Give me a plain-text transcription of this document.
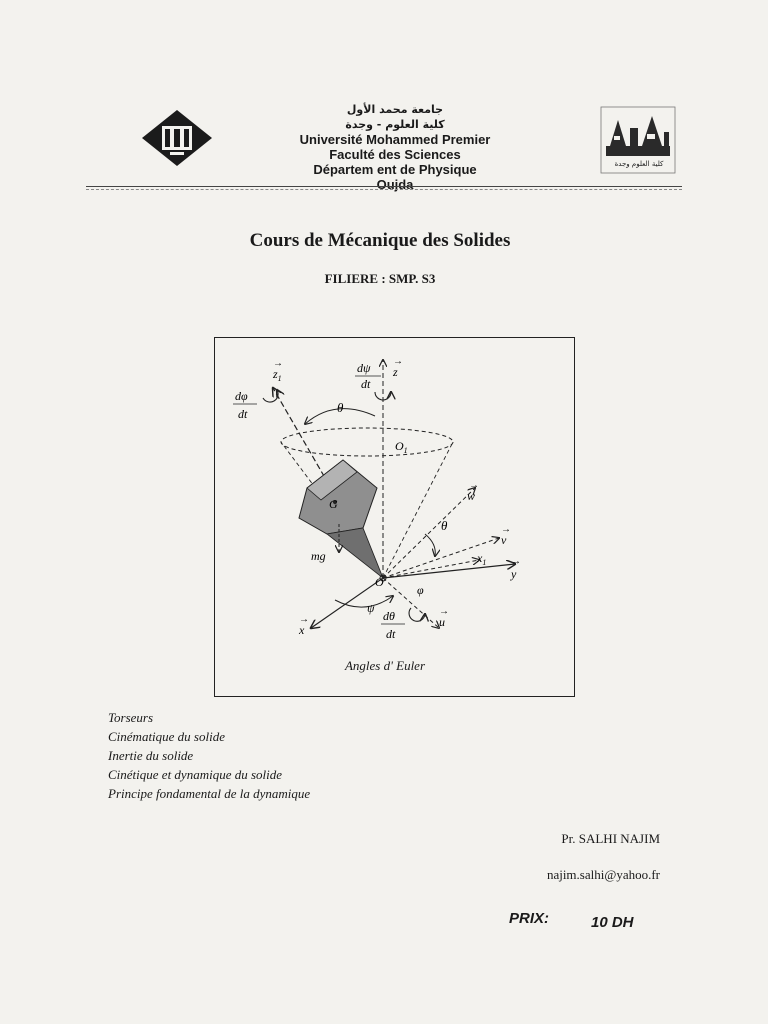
جامعة محمد الأول
كلية العلوم - وجدة
Université Mohammed Premier
Faculté des Sciences
Départem ent de Physique
Oujda
كلية العلوم وجدة
Cours de Mécanique des Solides
FILIERE : SMP. S3
$z_1$
→
z
→
dψ
dt
dφ
dt	θ
$O_1$
G
w
→
θ
v
→
$x_1$
y
→
mg
O
φ
ψ
dθ
dt
u
→
x
→
Angles d' Euler
Torseurs
Cinématique du solide
Inertie du solide
Cinétique et dynamique du solide
Principe fondamental de la dynamique
Pr. SALHI NAJIM
najim.salhi@yahoo.fr
PRIX:	10 DH
